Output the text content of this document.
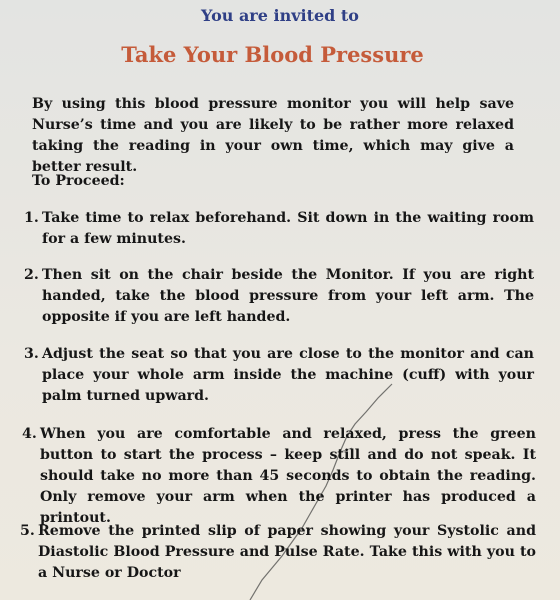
You are invited to
Take Your Blood Pressure
By using this blood pressure monitor you will help save Nurse’s time and you are likely to be rather more relaxed taking the reading in your own time, which may give a better result.
To Proceed:
1. Take time to relax beforehand. Sit down in the waiting room for a few minutes.
2. Then sit on the chair beside the Monitor. If you are right handed, take the blood pressure from your left arm. The opposite if you are left handed.
3. Adjust the seat so that you are close to the monitor and can place your whole arm inside the machine (cuff) with your palm turned upward.
4. When you are comfortable and relaxed, press the green button to start the process – keep still and do not speak. It should take no more than 45 seconds to obtain the reading. Only remove your arm when the printer has produced a printout.
5. Remove the printed slip of paper showing your Systolic and Diastolic Blood Pressure and Pulse Rate. Take this with you to a Nurse or Doctor
